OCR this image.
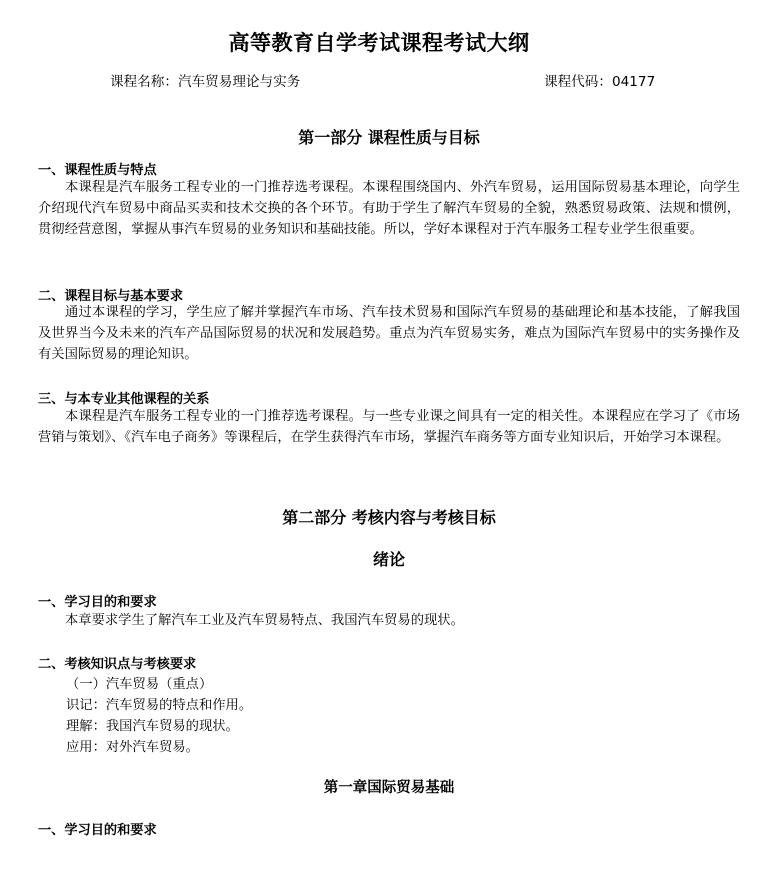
高等教育自学考试课程考试大纲
课程名称：汽车贸易理论与实务	课程代码：04177
第一部分 课程性质与目标
一、课程性质与特点
本课程是汽车服务工程专业的一门推荐选考课程。本课程围绕国内、外汽车贸易，运用国际贸易基本理论，向学生介绍现代汽车贸易中商品买卖和技术交换的各个环节。有助于学生了解汽车贸易的全貌，熟悉贸易政策、法规和惯例，贯彻经营意图，掌握从事汽车贸易的业务知识和基础技能。所以，学好本课程对于汽车服务工程专业学生很重要。
二、课程目标与基本要求
通过本课程的学习，学生应了解并掌握汽车市场、汽车技术贸易和国际汽车贸易的基础理论和基本技能，了解我国及世界当今及未来的汽车产品国际贸易的状况和发展趋势。重点为汽车贸易实务，难点为国际汽车贸易中的实务操作及有关国际贸易的理论知识。
三、与本专业其他课程的关系
本课程是汽车服务工程专业的一门推荐选考课程。与一些专业课之间具有一定的相关性。本课程应在学习了《市场营销与策划》、《汽车电子商务》等课程后，在学生获得汽车市场，掌握汽车商务等方面专业知识后，开始学习本课程。
第二部分 考核内容与考核目标
绪论
一、学习目的和要求
本章要求学生了解汽车工业及汽车贸易特点、我国汽车贸易的现状。
二、考核知识点与考核要求
（一）汽车贸易（重点）
识记：汽车贸易的特点和作用。
理解：我国汽车贸易的现状。
应用：对外汽车贸易。
第一章国际贸易基础
一、学习目的和要求
